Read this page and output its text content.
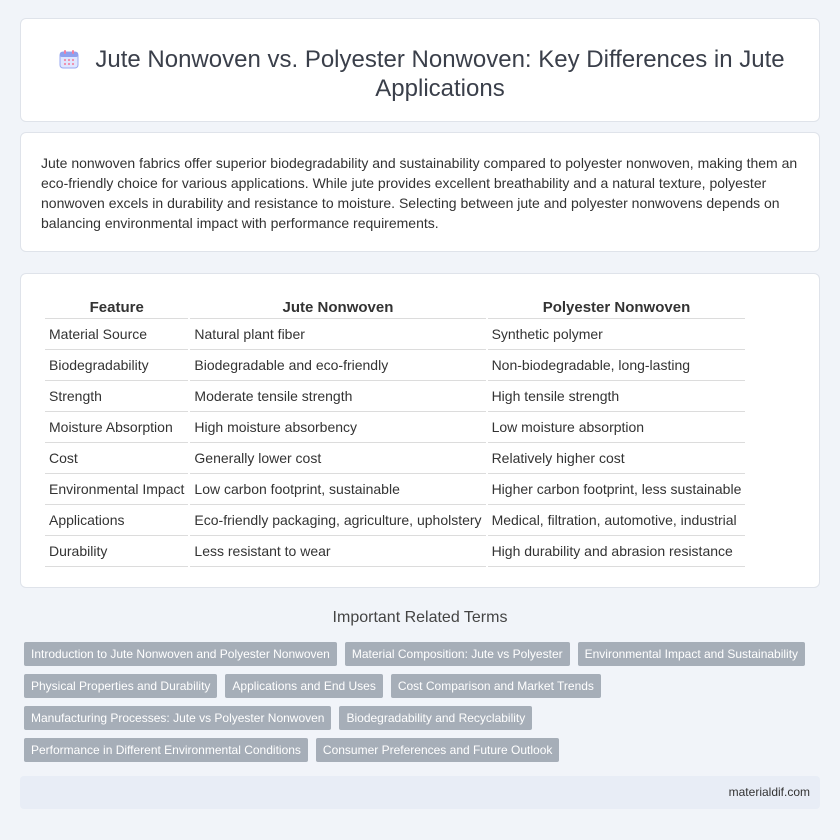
Jute Nonwoven vs. Polyester Nonwoven: Key Differences in Jute Applications
Jute nonwoven fabrics offer superior biodegradability and sustainability compared to polyester nonwoven, making them an eco-friendly choice for various applications. While jute provides excellent breathability and a natural texture, polyester nonwoven excels in durability and resistance to moisture. Selecting between jute and polyester nonwovens depends on balancing environmental impact with performance requirements.
Feature	Jute Nonwoven	Polyester Nonwoven
Material Source	Natural plant fiber	Synthetic polymer
Biodegradability	Biodegradable and eco-friendly	Non-biodegradable, long-lasting
Strength	Moderate tensile strength	High tensile strength
Moisture Absorption	High moisture absorbency	Low moisture absorption
Cost	Generally lower cost	Relatively higher cost
Environmental Impact	Low carbon footprint, sustainable	Higher carbon footprint, less sustainable
Applications	Eco-friendly packaging, agriculture, upholstery	Medical, filtration, automotive, industrial
Durability	Less resistant to wear	High durability and abrasion resistance
Important Related Terms
Introduction to Jute Nonwoven and Polyester Nonwoven	Material Composition: Jute vs Polyester	Environmental Impact and Sustainability
Physical Properties and Durability	Applications and End Uses	Cost Comparison and Market Trends
Manufacturing Processes: Jute vs Polyester Nonwoven	Biodegradability and Recyclability
Performance in Different Environmental Conditions	Consumer Preferences and Future Outlook
materialdif.com
